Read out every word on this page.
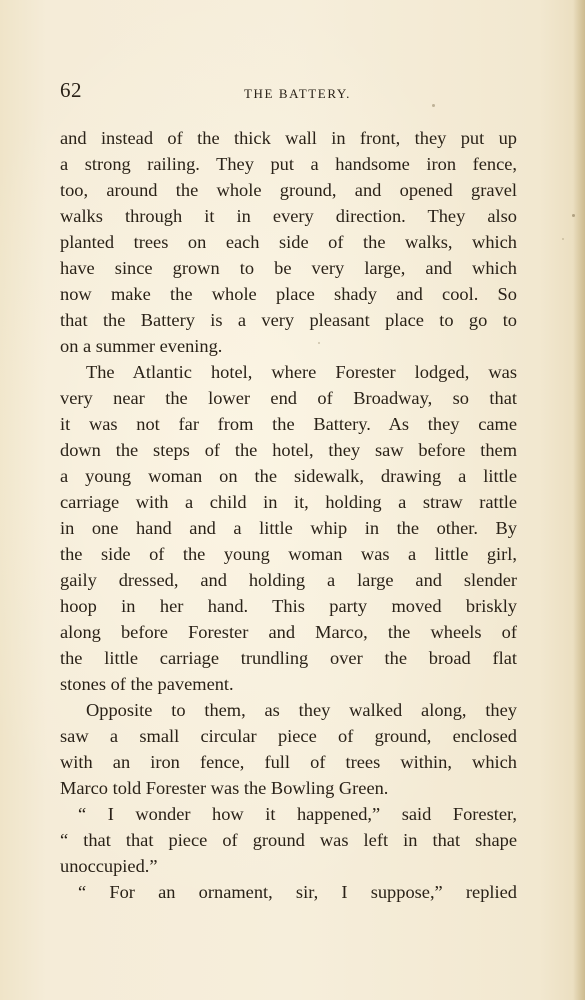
62	THE BATTERY.
and instead of the thick wall in front, they put up
a strong railing. They put a handsome iron fence,
too, around the whole ground, and opened gravel
walks through it in every direction. They also
planted trees on each side of the walks, which
have since grown to be very large, and which
now make the whole place shady and cool. So
that the Battery is a very pleasant place to go to
on a summer evening.
The Atlantic hotel, where Forester lodged, was
very near the lower end of Broadway, so that
it was not far from the Battery. As they came
down the steps of the hotel, they saw before them
a young woman on the sidewalk, drawing a little
carriage with a child in it, holding a straw rattle
in one hand and a little whip in the other. By
the side of the young woman was a little girl,
gaily dressed, and holding a large and slender
hoop in her hand. This party moved briskly
along before Forester and Marco, the wheels of
the little carriage trundling over the broad flat
stones of the pavement.
Opposite to them, as they walked along, they
saw a small circular piece of ground, enclosed
with an iron fence, full of trees within, which
Marco told Forester was the Bowling Green.
“ I wonder how it happened,” said Forester,
“ that that piece of ground was left in that shape
unoccupied.”
“ For an ornament, sir, I suppose,” replied
